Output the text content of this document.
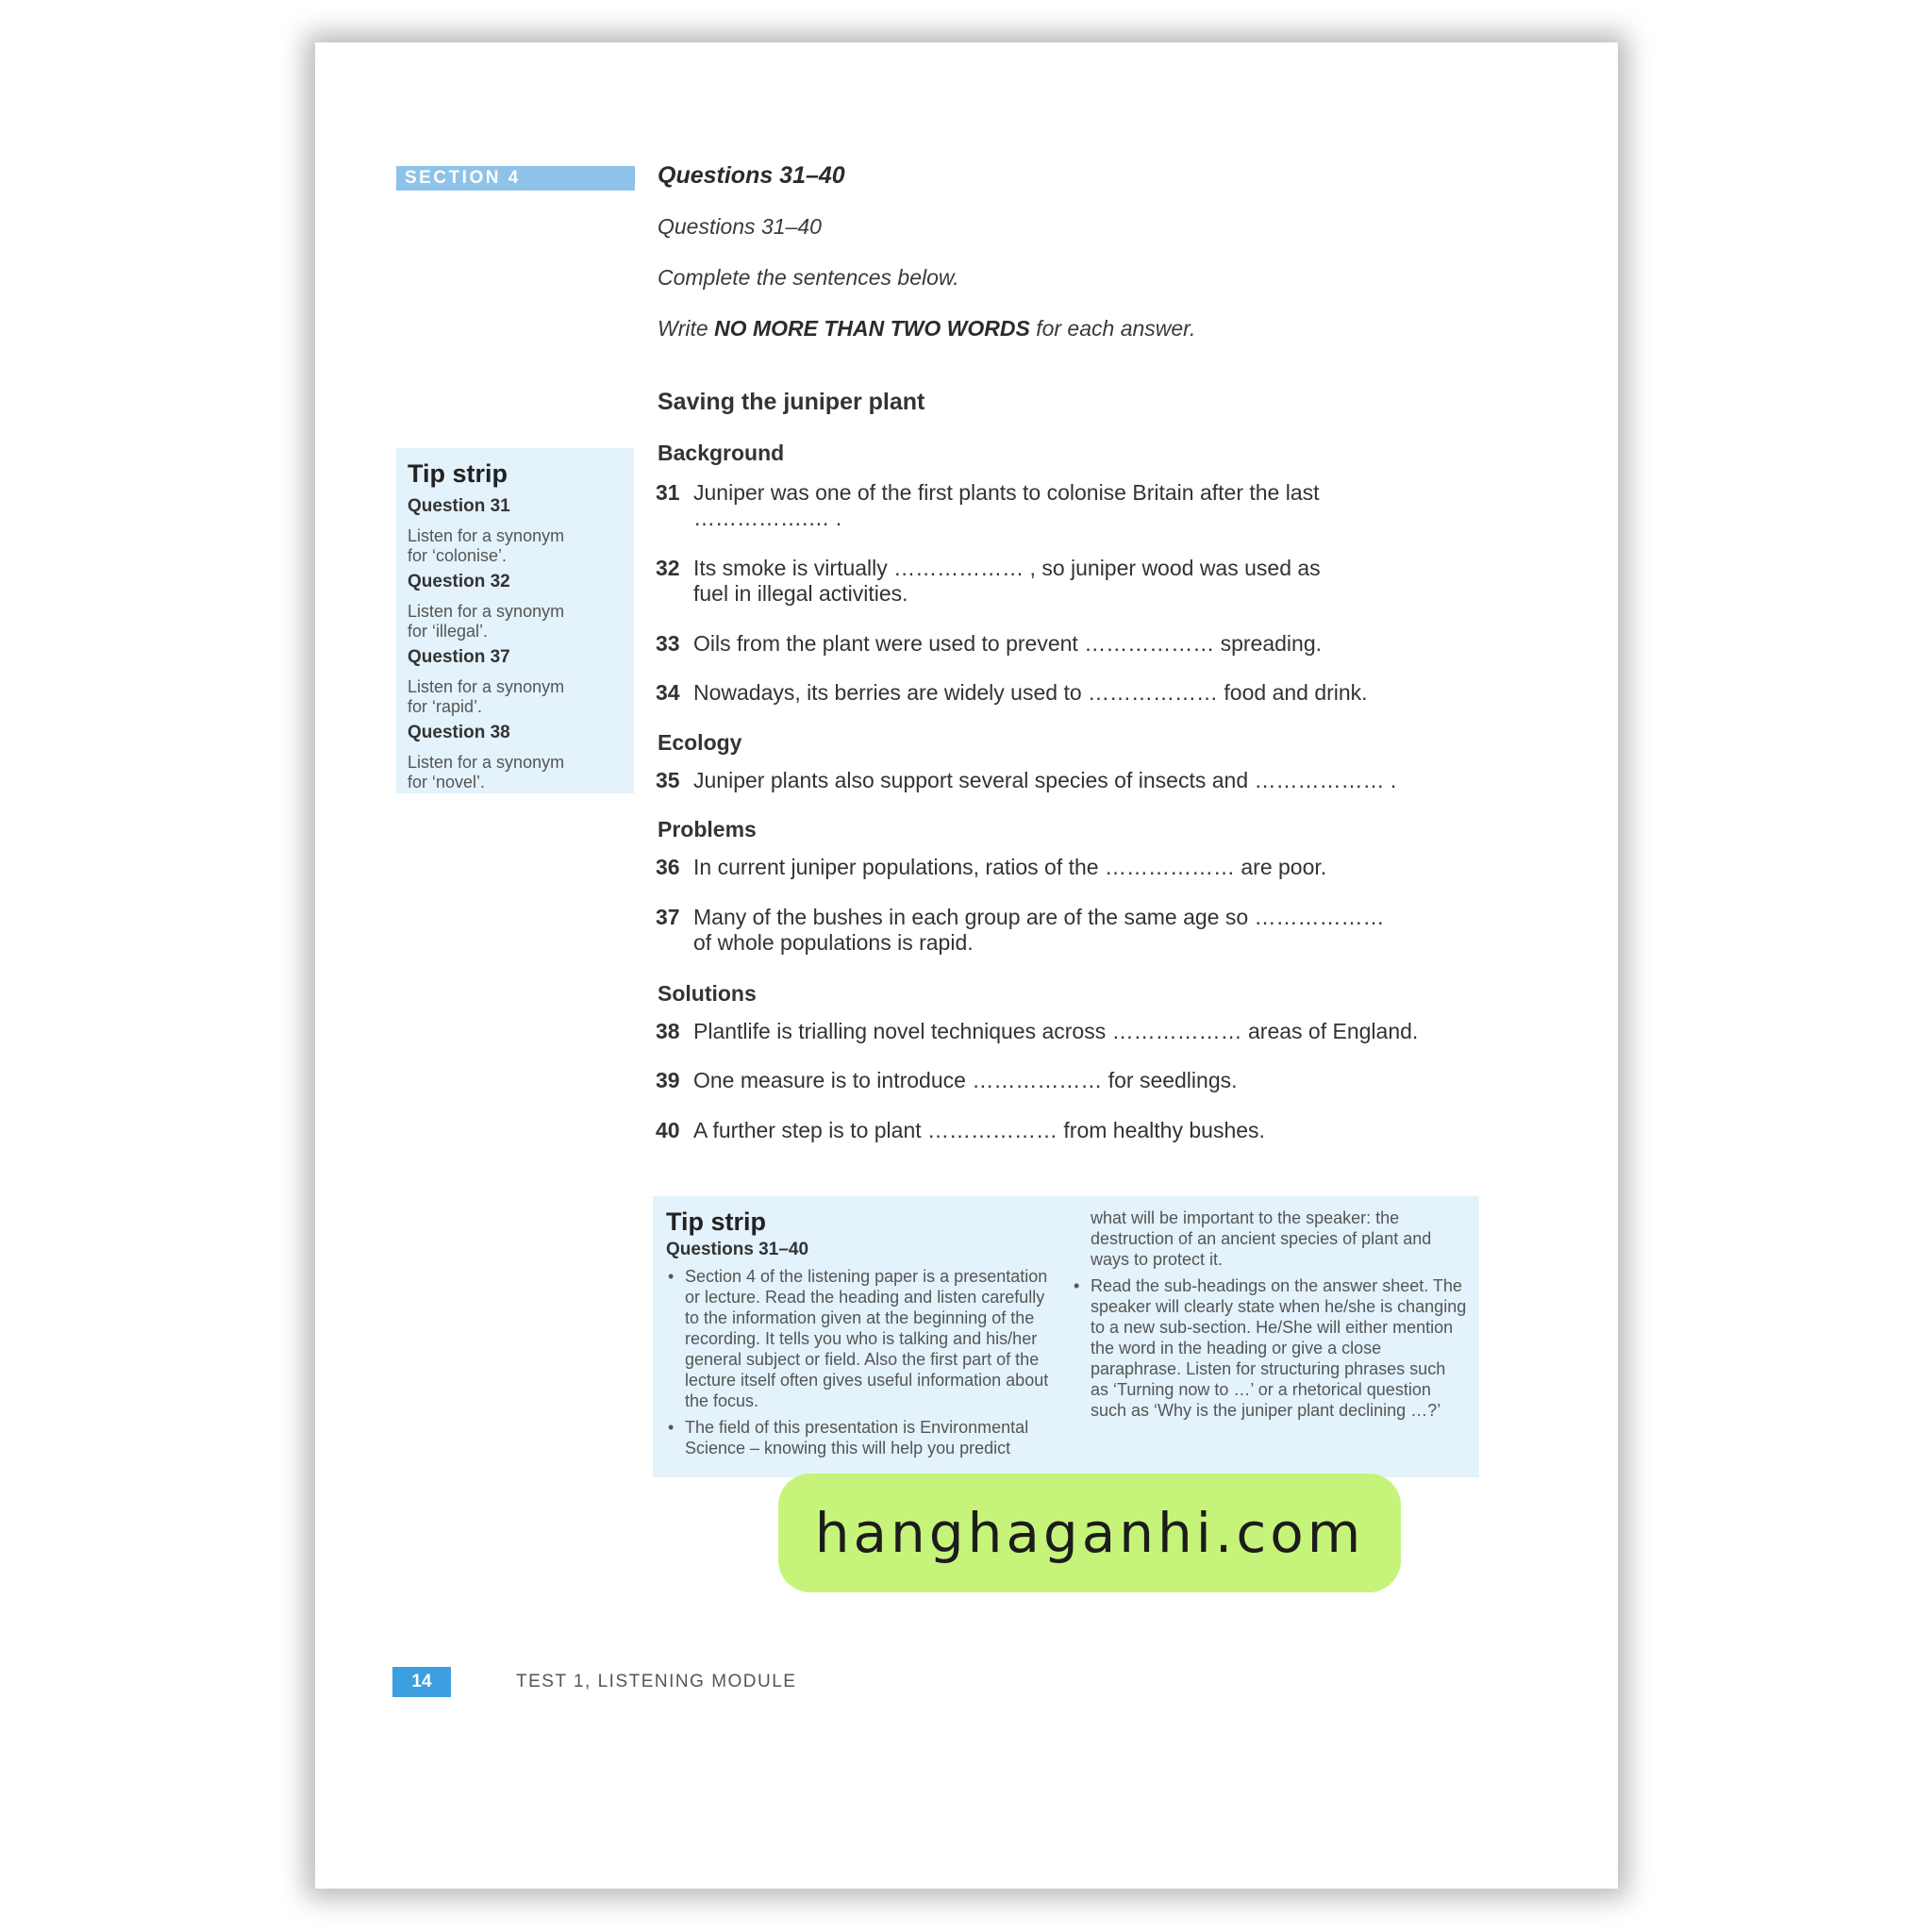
SECTION 4	Questions 31–40
Questions 31–40
Complete the sentences below.
Write NO MORE THAN TWO WORDS for each answer.
Saving the juniper plant
Background
31 Juniper was one of the first plants to colonise Britain after the last
…………….… .
32 Its smoke is virtually ……………… , so juniper wood was used as
fuel in illegal activities.
33 Oils from the plant were used to prevent ……………… spreading.
34 Nowadays, its berries are widely used to ……………… food and drink.
Ecology
35 Juniper plants also support several species of insects and ……………… .
Problems
36 In current juniper populations, ratios of the ……………… are poor.
37 Many of the bushes in each group are of the same age so ………………
of whole populations is rapid.
Solutions
38 Plantlife is trialling novel techniques across ……………… areas of England.
39 One measure is to introduce ……………… for seedlings.
40 A further step is to plant ……………… from healthy bushes.
Tip strip
Question 31
Listen for a synonym for ‘colonise’.
Question 32
Listen for a synonym for ‘illegal’.
Question 37
Listen for a synonym for ‘rapid’.
Question 38
Listen for a synonym for ‘novel’.
Tip strip
Questions 31–40
• Section 4 of the listening paper is a presentation or lecture. Read the heading and listen carefully to the information given at the beginning of the recording. It tells you who is talking and his/her general subject or field. Also the first part of the lecture itself often gives useful information about the focus.
• The field of this presentation is Environmental Science – knowing this will help you predict
what will be important to the speaker: the destruction of an ancient species of plant and ways to protect it.
• Read the sub-headings on the answer sheet. The speaker will clearly state when he/she is changing to a new sub-section. He/She will either mention the word in the heading or give a close paraphrase. Listen for structuring phrases such as ‘Turning now to …’ or a rhetorical question such as ‘Why is the juniper plant declining …?’
hanghaganhi.com
14	TEST 1, LISTENING MODULE
